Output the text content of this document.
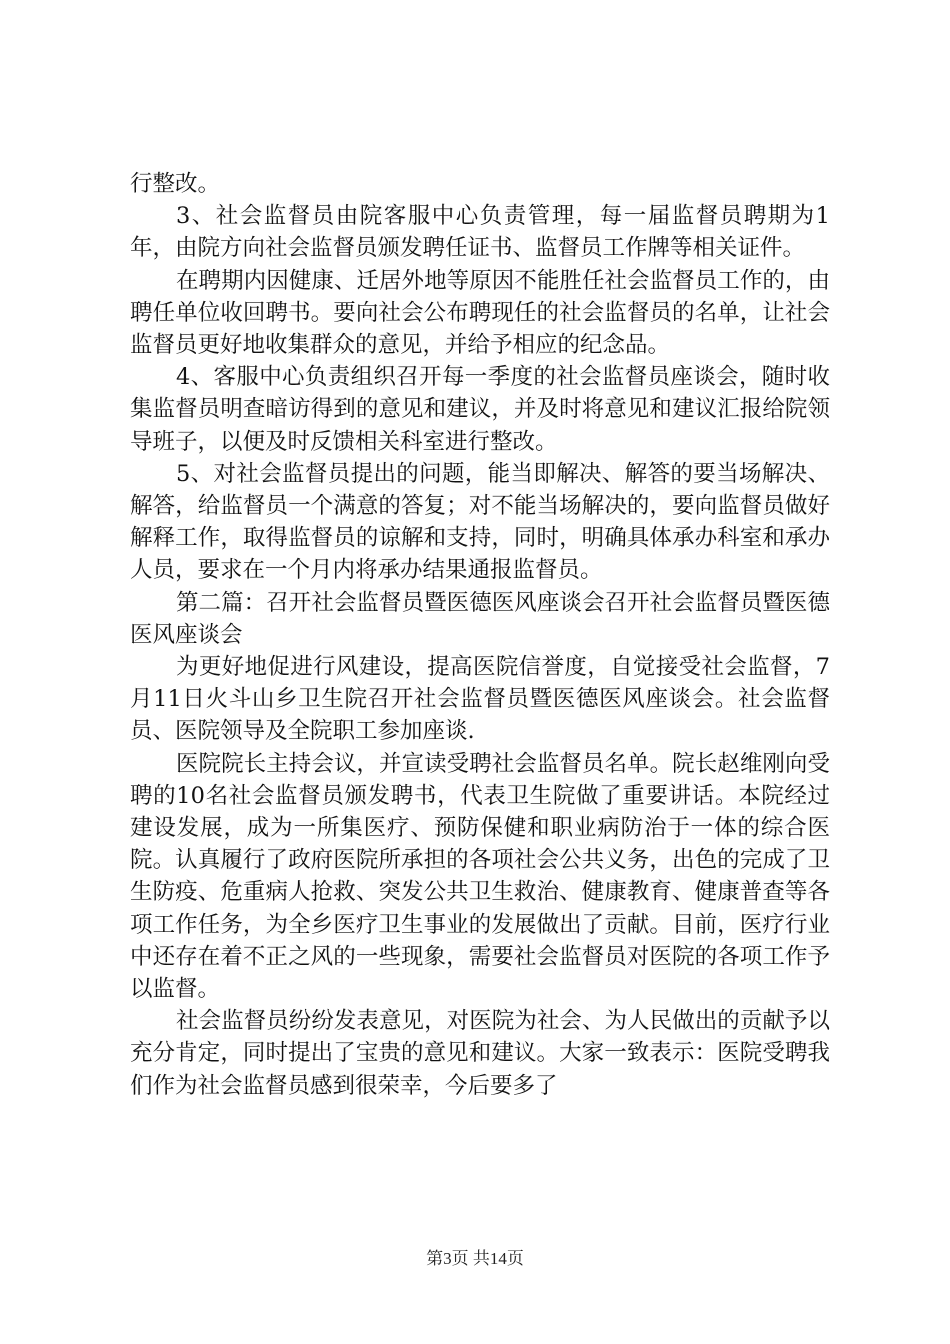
行整改。

3、社会监督员由院客服中心负责管理，每一届监督员聘期为1年，由院方向社会监督员颁发聘任证书、监督员工作牌等相关证件。

在聘期内因健康、迁居外地等原因不能胜任社会监督员工作的，由聘任单位收回聘书。要向社会公布聘现任的社会监督员的名单，让社会监督员更好地收集群众的意见，并给予相应的纪念品。

4、客服中心负责组织召开每一季度的社会监督员座谈会，随时收集监督员明查暗访得到的意见和建议，并及时将意见和建议汇报给院领导班子，以便及时反馈相关科室进行整改。

5、对社会监督员提出的问题，能当即解决、解答的要当场解决、解答，给监督员一个满意的答复；对不能当场解决的，要向监督员做好解释工作，取得监督员的谅解和支持，同时，明确具体承办科室和承办人员，要求在一个月内将承办结果通报监督员。

第二篇：召开社会监督员暨医德医风座谈会召开社会监督员暨医德医风座谈会

为更好地促进行风建设，提高医院信誉度，自觉接受社会监督，7月11日火斗山乡卫生院召开社会监督员暨医德医风座谈会。社会监督员、医院领导及全院职工参加座谈.

医院院长主持会议，并宣读受聘社会监督员名单。院长赵维刚向受聘的10名社会监督员颁发聘书，代表卫生院做了重要讲话。本院经过建设发展，成为一所集医疗、预防保健和职业病防治于一体的综合医院。认真履行了政府医院所承担的各项社会公共义务，出色的完成了卫生防疫、危重病人抢救、突发公共卫生救治、健康教育、健康普查等各项工作任务，为全乡医疗卫生事业的发展做出了贡献。目前，医疗行业中还存在着不正之风的一些现象，需要社会监督员对医院的各项工作予以监督。

社会监督员纷纷发表意见，对医院为社会、为人民做出的贡献予以充分肯定，同时提出了宝贵的意见和建议。大家一致表示：医院受聘我们作为社会监督员感到很荣幸，今后要多了

第3页 共14页
